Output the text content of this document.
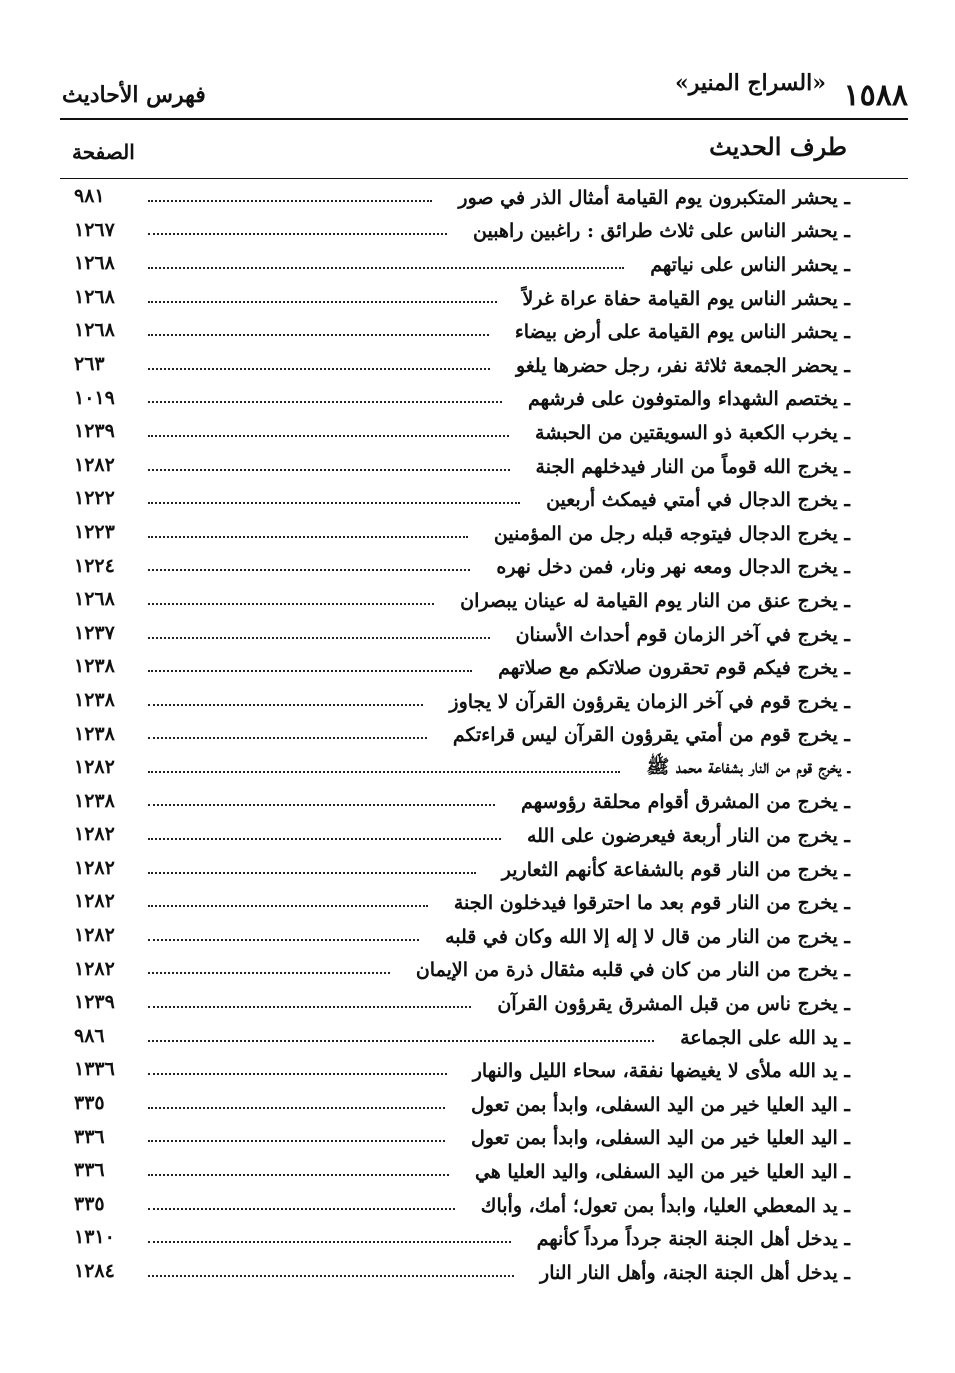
١٥٨٨
«السراج المنير»
فهرس الأحاديث
طرف الحديث
الصفحة
ـ يحشر المتكبرون يوم القيامة أمثال الذر في صور
٩٨١
ـ يحشر الناس على ثلاث طرائق : راغبين راهبين
١٢٦٧
ـ يحشر الناس على نياتهم
١٢٦٨
ـ يحشر الناس يوم القيامة حفاة عراة غرلاً
١٢٦٨
ـ يحشر الناس يوم القيامة على أرض بيضاء
١٢٦٨
ـ يحضر الجمعة ثلاثة نفر، رجل حضرها يلغو
٢٦٣
ـ يختصم الشهداء والمتوفون على فرشهم
١٠١٩
ـ يخرب الكعبة ذو السويقتين من الحبشة
١٢٣٩
ـ يخرج الله قوماً من النار فيدخلهم الجنة
١٢٨٢
ـ يخرج الدجال في أمتي فيمكث أربعين
١٢٢٢
ـ يخرج الدجال فيتوجه قبله رجل من المؤمنين
١٢٢٣
ـ يخرج الدجال ومعه نهر ونار، فمن دخل نهره
١٢٢٤
ـ يخرج عنق من النار يوم القيامة له عينان يبصران
١٢٦٨
ـ يخرج في آخر الزمان قوم أحداث الأسنان
١٢٣٧
ـ يخرج فيكم قوم تحقرون صلاتكم مع صلاتهم
١٢٣٨
ـ يخرج قوم في آخر الزمان يقرؤون القرآن لا يجاوز
١٢٣٨
ـ يخرج قوم من أمتي يقرؤون القرآن ليس قراءتكم
١٢٣٨
ـ يخرج قوم من النار بشفاعة محمد ﷺ
١٢٨٢
ـ يخرج من المشرق أقوام محلقة رؤوسهم
١٢٣٨
ـ يخرج من النار أربعة فيعرضون على الله
١٢٨٢
ـ يخرج من النار قوم بالشفاعة كأنهم الثعارير
١٢٨٢
ـ يخرج من النار قوم بعد ما احترقوا فيدخلون الجنة
١٢٨٢
ـ يخرج من النار من قال لا إله إلا الله وكان في قلبه
١٢٨٢
ـ يخرج من النار من كان في قلبه مثقال ذرة من الإيمان
١٢٨٢
ـ يخرج ناس من قبل المشرق يقرؤون القرآن
١٢٣٩
ـ يد الله على الجماعة
٩٨٦
ـ يد الله ملأى لا يغيضها نفقة، سحاء الليل والنهار
١٣٣٦
ـ اليد العليا خير من اليد السفلى، وابدأ بمن تعول
٣٣٥
ـ اليد العليا خير من اليد السفلى، وابدأ بمن تعول
٣٣٦
ـ اليد العليا خير من اليد السفلى، واليد العليا هي
٣٣٦
ـ يد المعطي العليا، وابدأ بمن تعول؛ أمك، وأباك
٣٣٥
ـ يدخل أهل الجنة الجنة جرداً مرداً كأنهم
١٣١٠
ـ يدخل أهل الجنة الجنة، وأهل النار النار
١٢٨٤
